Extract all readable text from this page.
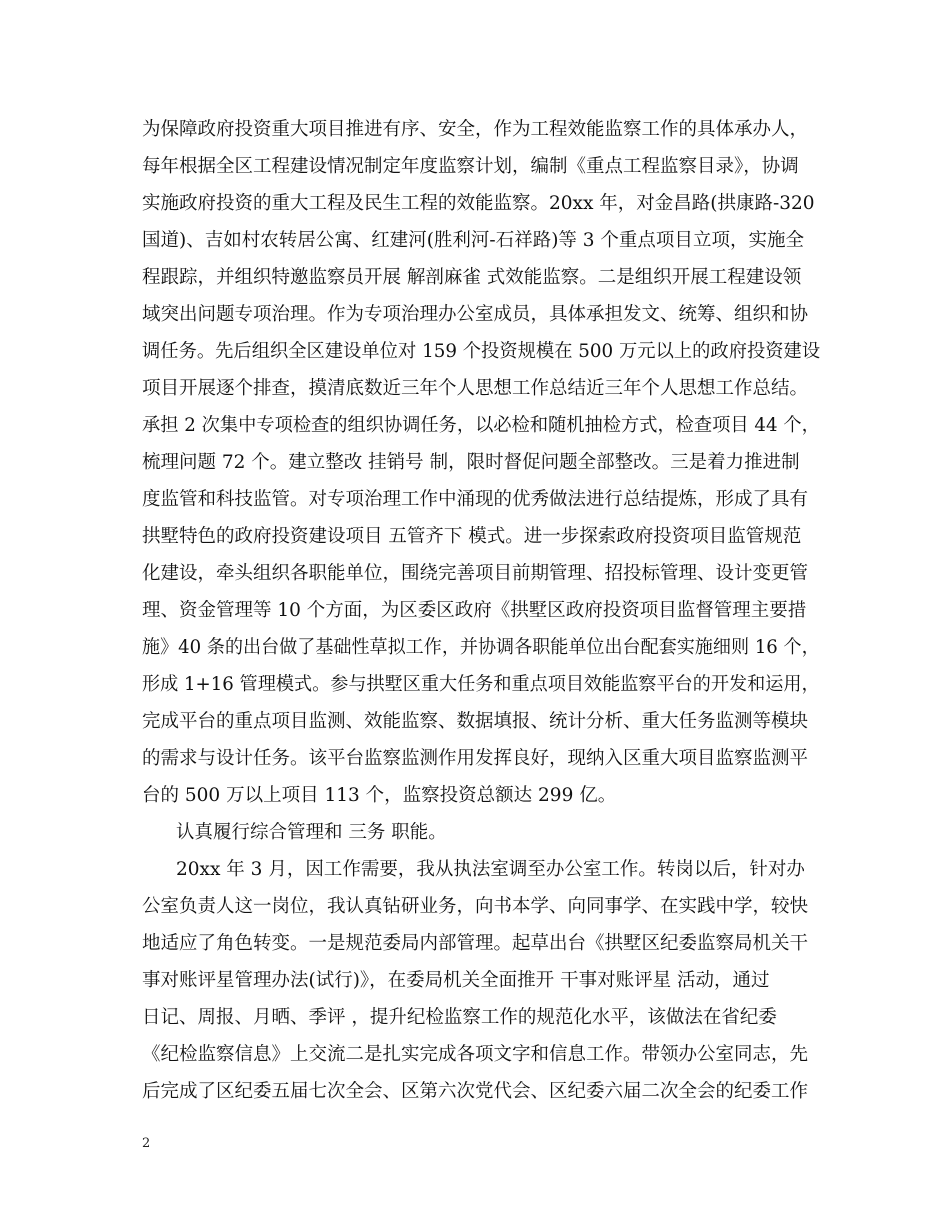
为保障政府投资重大项目推进有序、安全，作为工程效能监察工作的具体承办人，
每年根据全区工程建设情况制定年度监察计划，编制《重点工程监察目录》，协调
实施政府投资的重大工程及民生工程的效能监察。20xx 年，对金昌路(拱康路-320
国道)、吉如村农转居公寓、红建河(胜利河-石祥路)等 3 个重点项目立项，实施全
程跟踪，并组织特邀监察员开展 解剖麻雀 式效能监察。二是组织开展工程建设领
域突出问题专项治理。作为专项治理办公室成员，具体承担发文、统筹、组织和协
调任务。先后组织全区建设单位对 159 个投资规模在 500 万元以上的政府投资建设
项目开展逐个排查，摸清底数近三年个人思想工作总结近三年个人思想工作总结。
承担 2 次集中专项检查的组织协调任务，以必检和随机抽检方式，检查项目 44 个，
梳理问题 72 个。建立整改 挂销号 制，限时督促问题全部整改。三是着力推进制
度监管和科技监管。对专项治理工作中涌现的优秀做法进行总结提炼，形成了具有
拱墅特色的政府投资建设项目 五管齐下 模式。进一步探索政府投资项目监管规范
化建设，牵头组织各职能单位，围绕完善项目前期管理、招投标管理、设计变更管
理、资金管理等 10 个方面，为区委区政府《拱墅区政府投资项目监督管理主要措
施》40 条的出台做了基础性草拟工作，并协调各职能单位出台配套实施细则 16 个，
形成 1+16 管理模式。参与拱墅区重大任务和重点项目效能监察平台的开发和运用，
完成平台的重点项目监测、效能监察、数据填报、统计分析、重大任务监测等模块
的需求与设计任务。该平台监察监测作用发挥良好，现纳入区重大项目监察监测平
台的 500 万以上项目 113 个，监察投资总额达 299 亿。
认真履行综合管理和 三务 职能。
20xx 年 3 月，因工作需要，我从执法室调至办公室工作。转岗以后，针对办
公室负责人这一岗位，我认真钻研业务，向书本学、向同事学、在实践中学，较快
地适应了角色转变。一是规范委局内部管理。起草出台《拱墅区纪委监察局机关干
事对账评星管理办法(试行)》，在委局机关全面推开 干事对账评星 活动，通过
日记、周报、月晒、季评 ，提升纪检监察工作的规范化水平，该做法在省纪委
《纪检监察信息》上交流二是扎实完成各项文字和信息工作。带领办公室同志，先
后完成了区纪委五届七次全会、区第六次党代会、区纪委六届二次全会的纪委工作
2
